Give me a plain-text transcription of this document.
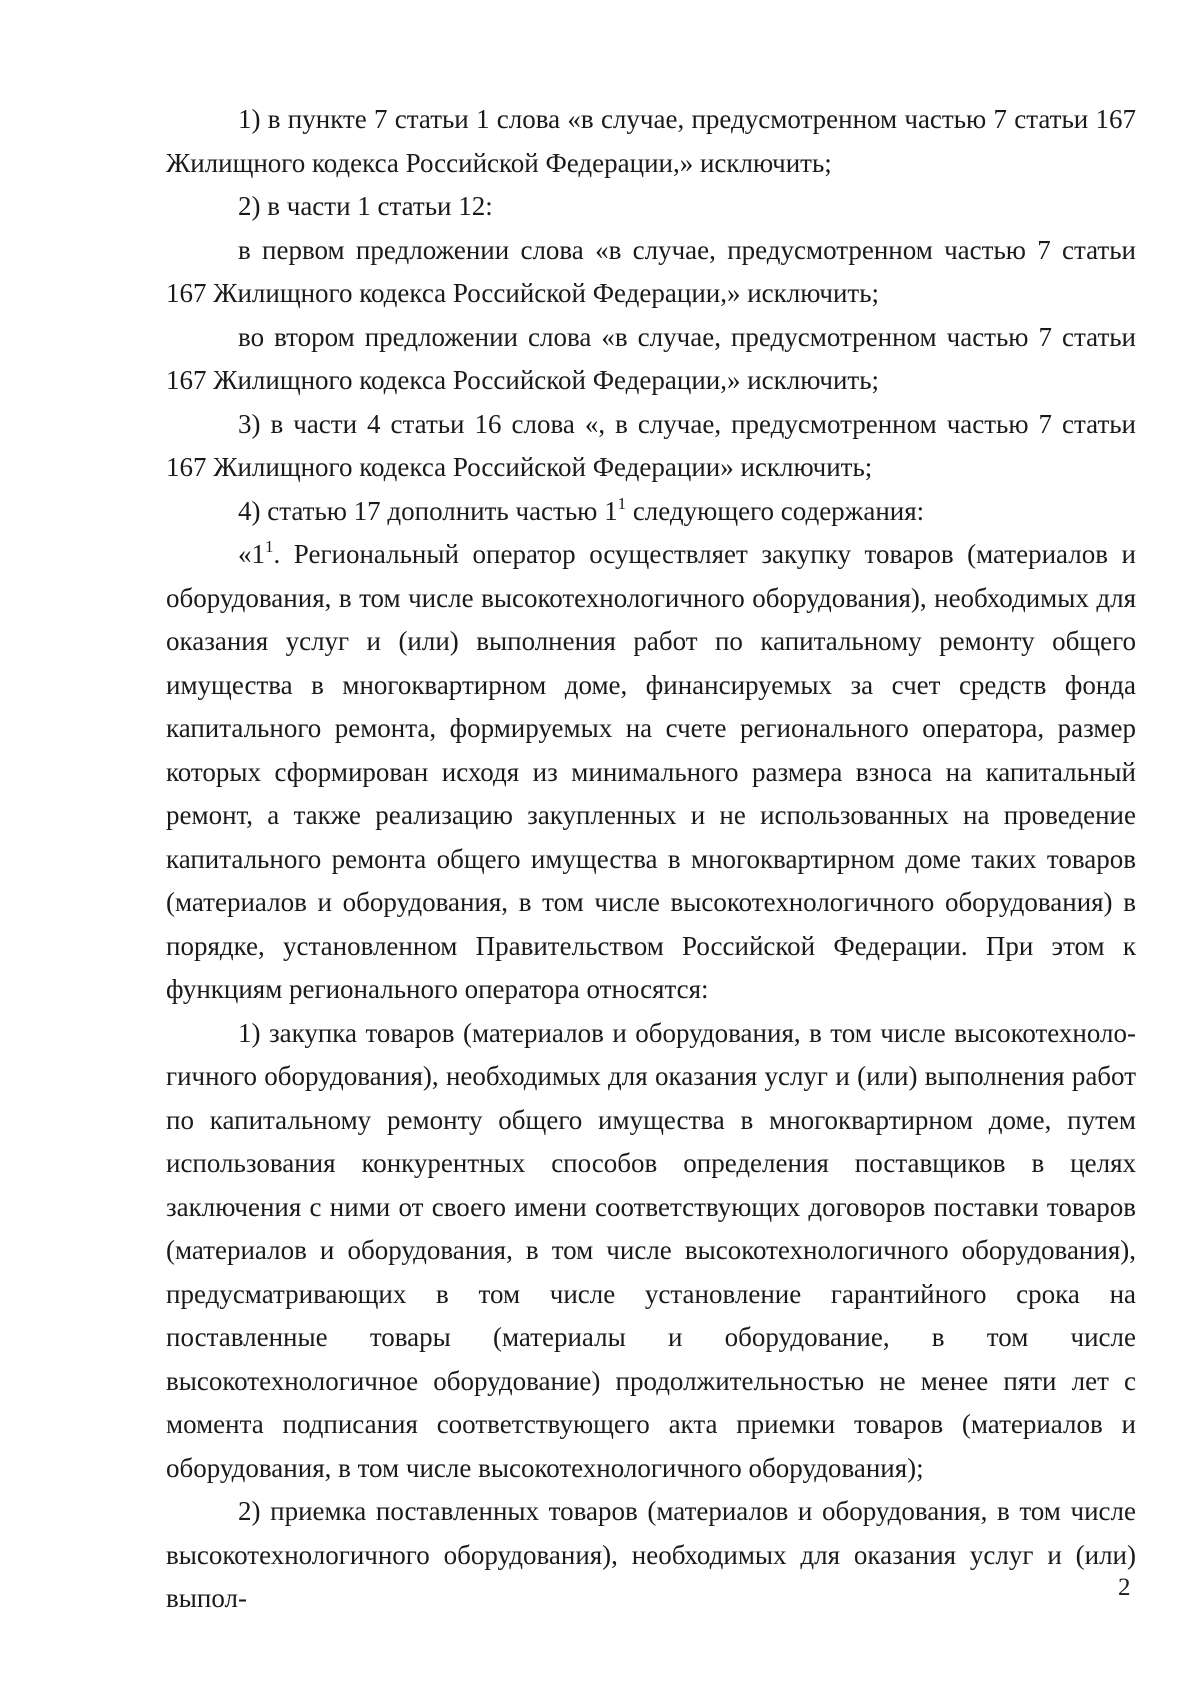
1) в пункте 7 статьи 1 слова «в случае, предусмотренном частью 7 статьи 167 Жилищного кодекса Российской Федерации,» исключить;

2) в части 1 статьи 12:

в первом предложении слова «в случае, предусмотренном частью 7 статьи 167 Жилищного кодекса Российской Федерации,» исключить;

во втором предложении слова «в случае, предусмотренном частью 7 статьи 167 Жилищного кодекса Российской Федерации,» исключить;

3) в части 4 статьи 16 слова «, в случае, предусмотренном частью 7 статьи 167 Жилищного кодекса Российской Федерации» исключить;

4) статью 17 дополнить частью $1^1$ следующего содержания:

«$1^1$. Региональный оператор осуществляет закупку товаров (материалов и оборудования, в том числе высокотехнологичного оборудования), необходимых для оказания услуг и (или) выполнения работ по капитальному ремонту общего имущества в многоквартирном доме, финансируемых за счет средств фонда капитального ремонта, формируемых на счете регионального оператора, размер которых сформирован исходя из минимального размера взноса на капитальный ремонт, а также реализацию закупленных и не использованных на проведение капитального ремонта общего имущества в многоквартирном доме таких товаров (материалов и оборудования, в том числе высокотехнологичного оборудования) в порядке, установленном Правительством Российской Федерации. При этом к функциям регионального оператора относятся:

1) закупка товаров (материалов и оборудования, в том числе высокотехнологичного оборудования), необходимых для оказания услуг и (или) выполнения работ по капитальному ремонту общего имущества в многоквартирном доме, путем использования конкурентных способов определения поставщиков в целях заключения с ними от своего имени соответствующих договоров поставки товаров (материалов и оборудования, в том числе высокотехнологичного оборудования), предусматривающих в том числе установление гарантийного срока на поставленные товары (материалы и оборудование, в том числе высокотехнологичное оборудование) продолжительностью не менее пяти лет с момента подписания соответствующего акта приемки товаров (материалов и оборудования, в том числе высокотехнологичного оборудования);

2) приемка поставленных товаров (материалов и оборудования, в том числе высокотехнологичного оборудования), необходимых для оказания услуг и (или) выпол-	2
